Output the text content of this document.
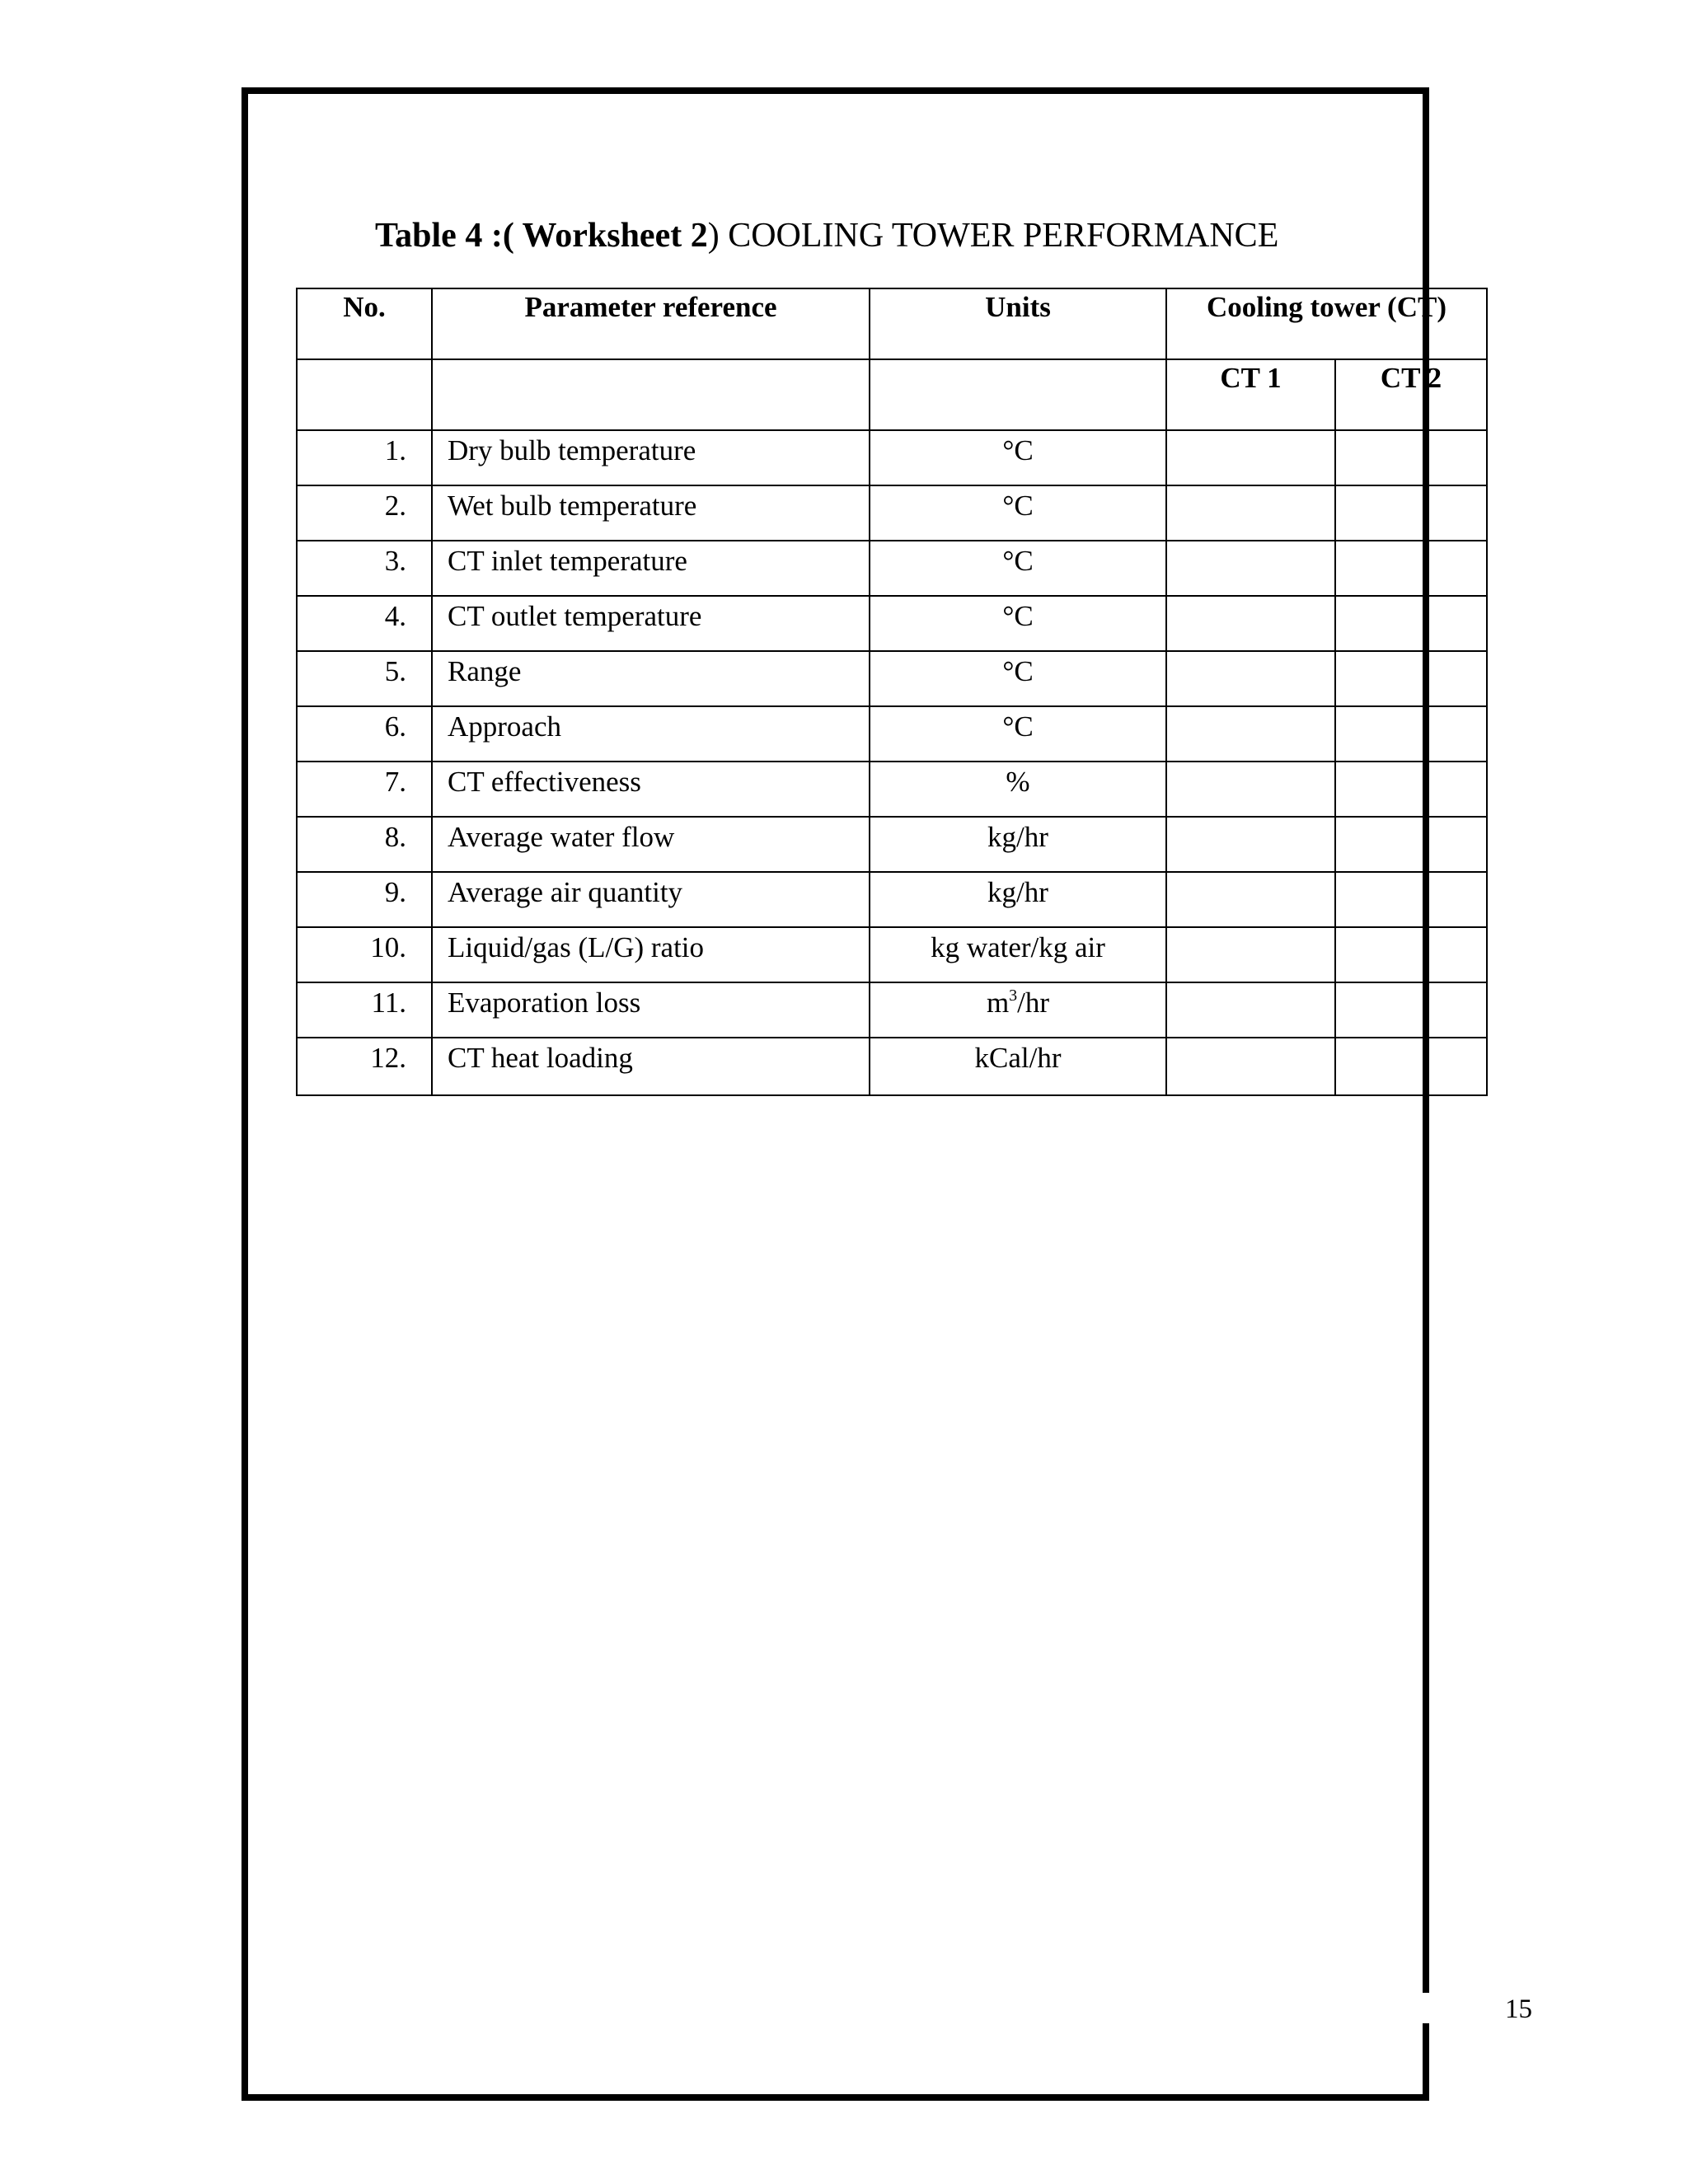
Table 4 :( Worksheet 2) COOLING TOWER PERFORMANCE
No.	Parameter reference	Units	Cooling tower (CT)	
			CT 1	CT 2
1.	Dry bulb temperature	°C		
2.	Wet bulb temperature	°C		
3.	CT inlet temperature	°C		
4.	CT outlet temperature	°C		
5.	Range	°C		
6.	Approach	°C		
7.	CT effectiveness	%		
8.	Average water flow	kg/hr		
9.	Average air quantity	kg/hr		
10.	Liquid/gas (L/G) ratio	kg water/kg air		
11.	Evaporation loss	$m^3/hr$		
12.	CT heat loading	kCal/hr		
15
